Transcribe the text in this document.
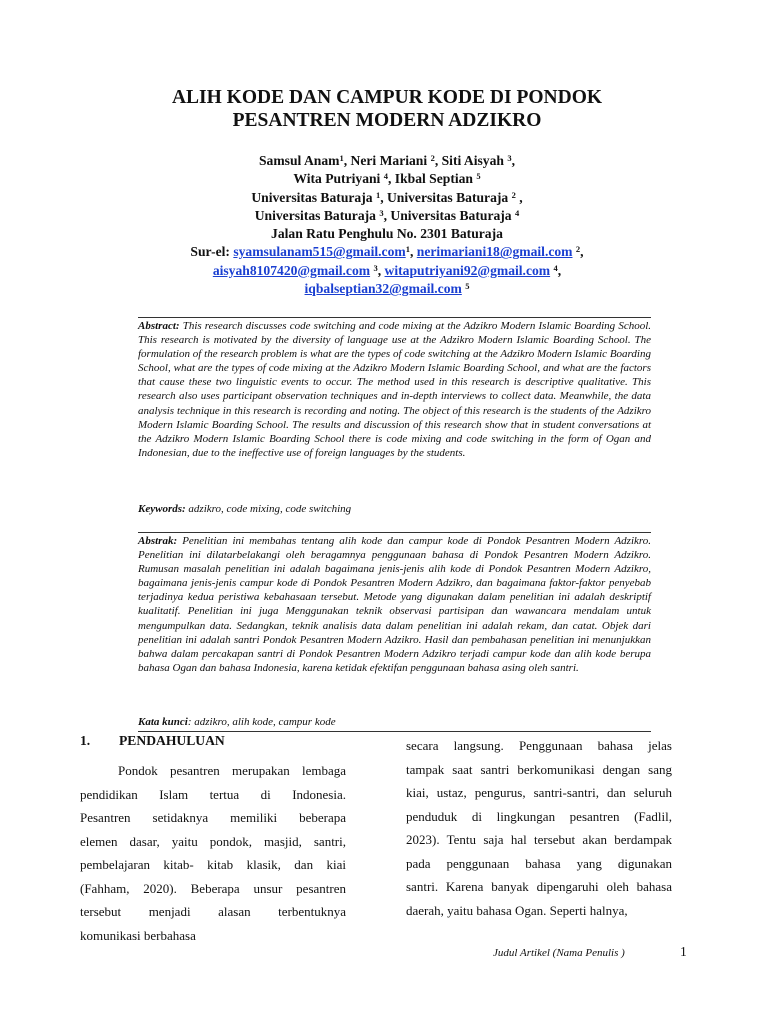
ALIH KODE DAN CAMPUR KODE DI PONDOK
PESANTREN MODERN ADZIKRO
Samsul Anam$^1$, Neri Mariani $^2$, Siti Aisyah $^3$,
Wita Putriyani $^4$, Ikbal Septian $^5$
Universitas Baturaja $^1$, Universitas Baturaja $^2$ ,
Universitas Baturaja $^3$, Universitas Baturaja $^4$
Jalan Ratu Penghulu No. 2301 Baturaja
Sur-el: syamsulanam515@gmail.com$^1$, nerimariani18@gmail.com $^2$,
aisyah8107420@gmail.com $^3$, witaputriyani92@gmail.com $^4$,
iqbalseptian32@gmail.com $^5$
Abstract: This research discusses code switching and code mixing at the Adzikro Modern Islamic Boarding School. This research is motivated by the diversity of language use at the Adzikro Modern Islamic Boarding School. The formulation of the research problem is what are the types of code switching at the Adzikro Modern Islamic Boarding School, what are the types of code mixing at the Adzikro Modern Islamic Boarding School, and what are the factors that cause these two linguistic events to occur. The method used in this research is descriptive qualitative. This research also uses participant observation techniques and in-depth interviews to collect data. Meanwhile, the data analysis technique in this research is recording and noting. The object of this research is the students of the Adzikro Modern Islamic Boarding School. The results and discussion of this research show that in student conversations at the Adzikro Modern Islamic Boarding School there is code mixing and code switching in the form of Ogan and Indonesian, due to the ineffective use of foreign languages by the students.
Keywords: adzikro, code mixing, code switching
Abstrak: Penelitian ini membahas tentang alih kode dan campur kode di Pondok Pesantren Modern Adzikro. Penelitian ini dilatarbelakangi oleh beragamnya penggunaan bahasa di Pondok Pesantren Modern Adzikro. Rumusan masalah penelitian ini adalah bagaimana jenis-jenis alih kode di Pondok Pesantren Modern Adzikro, bagaimana jenis-jenis campur kode di Pondok Pesantren Modern Adzikro, dan bagaimana faktor-faktor penyebab terjadinya kedua peristiwa kebahasaan tersebut. Metode yang digunakan dalam penelitian ini adalah deskriptif kualitatif. Penelitian ini juga Menggunakan teknik observasi partisipan dan wawancara mendalam untuk mengumpulkan data. Sedangkan, teknik analisis data dalam penelitian ini adalah rekam, dan catat. Objek dari penelitian ini adalah santri Pondok Pesantren Modern Adzikro. Hasil dan pembahasan penelitian ini menunjukkan bahwa dalam percakapan santri di Pondok Pesantren Modern Adzikro terjadi campur kode dan alih kode berupa bahasa Ogan dan bahasa Indonesia, karena ketidak efektifan penggunaan bahasa asing oleh santri.
Kata kunci: adzikro, alih kode, campur kode
1. PENDAHULUAN
Pondok pesantren merupakan lembaga
pendidikan Islam tertua di Indonesia.
Pesantren setidaknya memiliki beberapa
elemen dasar, yaitu pondok, masjid, santri,
pembelajaran kitab- kitab klasik, dan kiai
(Fahham, 2020). Beberapa unsur pesantren
tersebut menjadi alasan terbentuknya
komunikasi berbahasa
secara langsung. Penggunaan bahasa jelas
tampak saat santri berkomunikasi dengan sang
kiai, ustaz, pengurus, santri-santri, dan seluruh
penduduk di lingkungan pesantren (Fadlil,
2023). Tentu saja hal tersebut akan berdampak
pada penggunaan bahasa yang digunakan
santri. Karena banyak dipengaruhi oleh bahasa
daerah, yaitu bahasa Ogan. Seperti halnya,
Judul Artikel (Nama Penulis )	1
